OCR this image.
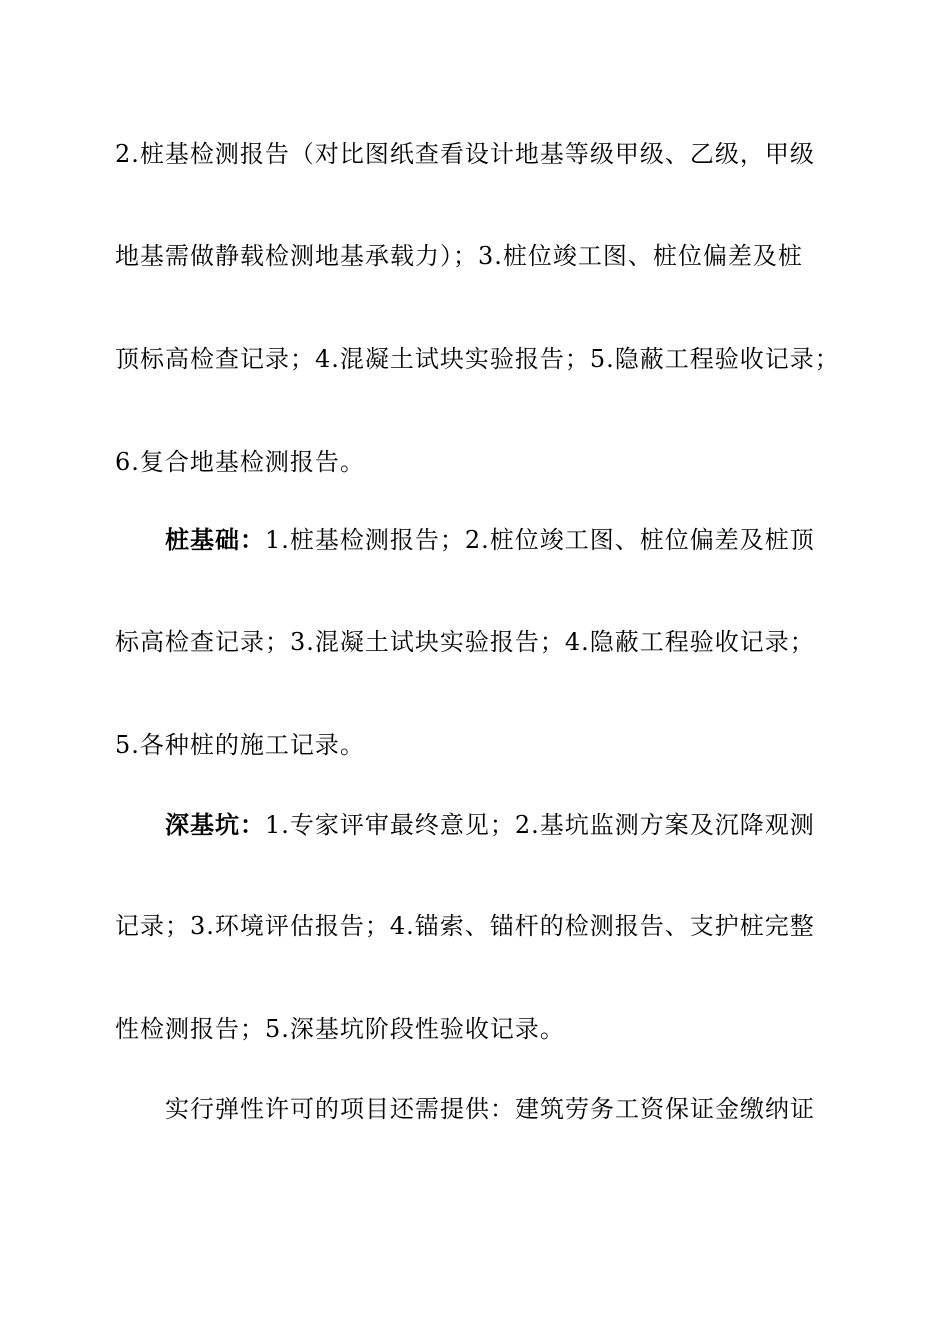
2.桩基检测报告（对比图纸查看设计地基等级甲级、乙级，甲级
地基需做静载检测地基承载力）；3.桩位竣工图、桩位偏差及桩
顶标高检查记录；4.混凝土试块实验报告；5.隐蔽工程验收记录；
6.复合地基检测报告。
桩基础：1.桩基检测报告；2.桩位竣工图、桩位偏差及桩顶
标高检查记录；3.混凝土试块实验报告；4.隐蔽工程验收记录；
5.各种桩的施工记录。
深基坑：1.专家评审最终意见；2.基坑监测方案及沉降观测
记录；3.环境评估报告；4.锚索、锚杆的检测报告、支护桩完整
性检测报告；5.深基坑阶段性验收记录。
实行弹性许可的项目还需提供：建筑劳务工资保证金缴纳证
